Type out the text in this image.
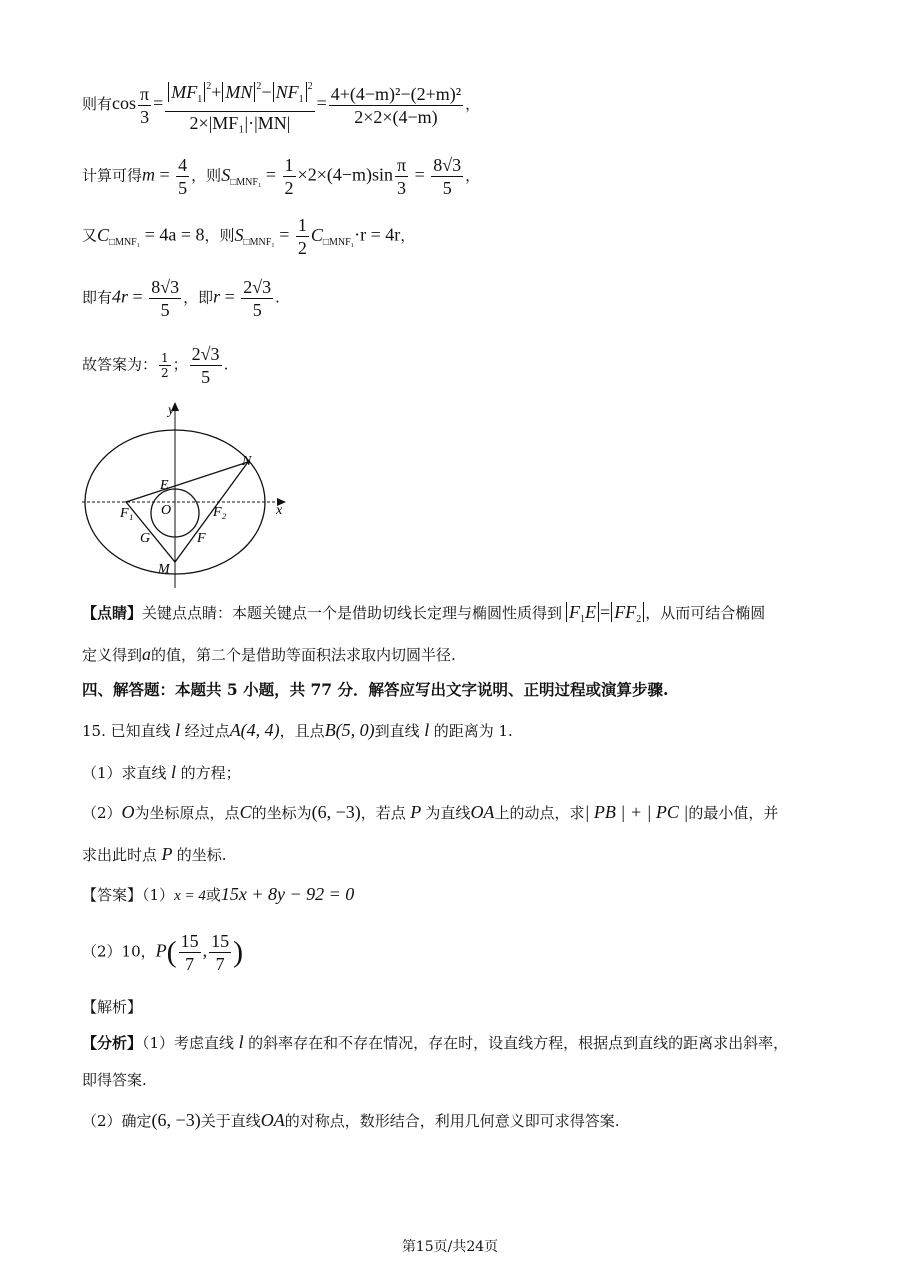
则有$\cos \frac{\pi}{3} = \frac{MF_1^2+ MN ^2- NF_1^2}{\text{2×|MF₁|·|MN|}} = \frac{\text{4+(4−m)²−(2+m)²}}{2\times 2\times(4-m)}$ ，
计算可得$m = \frac{4}{5}$ ，则$S_{□MNF_1} = \frac{1}{2} \times 2\times(4-m)\sin \frac{\pi}{3} = \frac{8√3}{5}$ ，
又$C_{□MNF_1} = 4a = 8$，则$S_{□MNF_1} = \frac{1}{2} C_{□MNF_1}\cdot r = 4r$，
即有$4r = \frac{8√3}{5}$ ，即$r = \frac{2√3}{5}$ .
故答案为： $\frac{1}{2}$ ； $\frac{2√3}{5}$ .
y
x
N
E
O
F₁	F₂
G	F
M
【点睛】关键点点睛：本题关键点一个是借助切线长定理与椭圆性质得到 $F_1E = FF_2$ ，从而可结合椭圆
定义得到a的值，第二个是借助等面积法求取内切圆半径.
四、解答题：本题共 5 小题，共 77 分．解答应写出文字说明、正明过程或演算步骤.
15. 已知直线 l 经过点A(4, 4)，且点B(5, 0)到直线 l 的距离为 1.
（1）求直线 l 的方程；
（2）O为坐标原点，点C的坐标为(6, −3)，若点 P 为直线OA上的动点，求| PB | + | PC |的最小值，并
求出此时点 P 的坐标.
【答案】（1）x = 4或15x + 8y − 92 = 0
（2）10，$P( \frac{15}{7}$ , $\frac{15}{7}$ )
【解析】
【分析】（1）考虑直线 l 的斜率存在和不存在情况，存在时，设直线方程，根据点到直线的距离求出斜率，
即得答案.
（2）确定(6, −3)关于直线OA的对称点，数形结合，利用几何意义即可求得答案.
第15页/共24页
